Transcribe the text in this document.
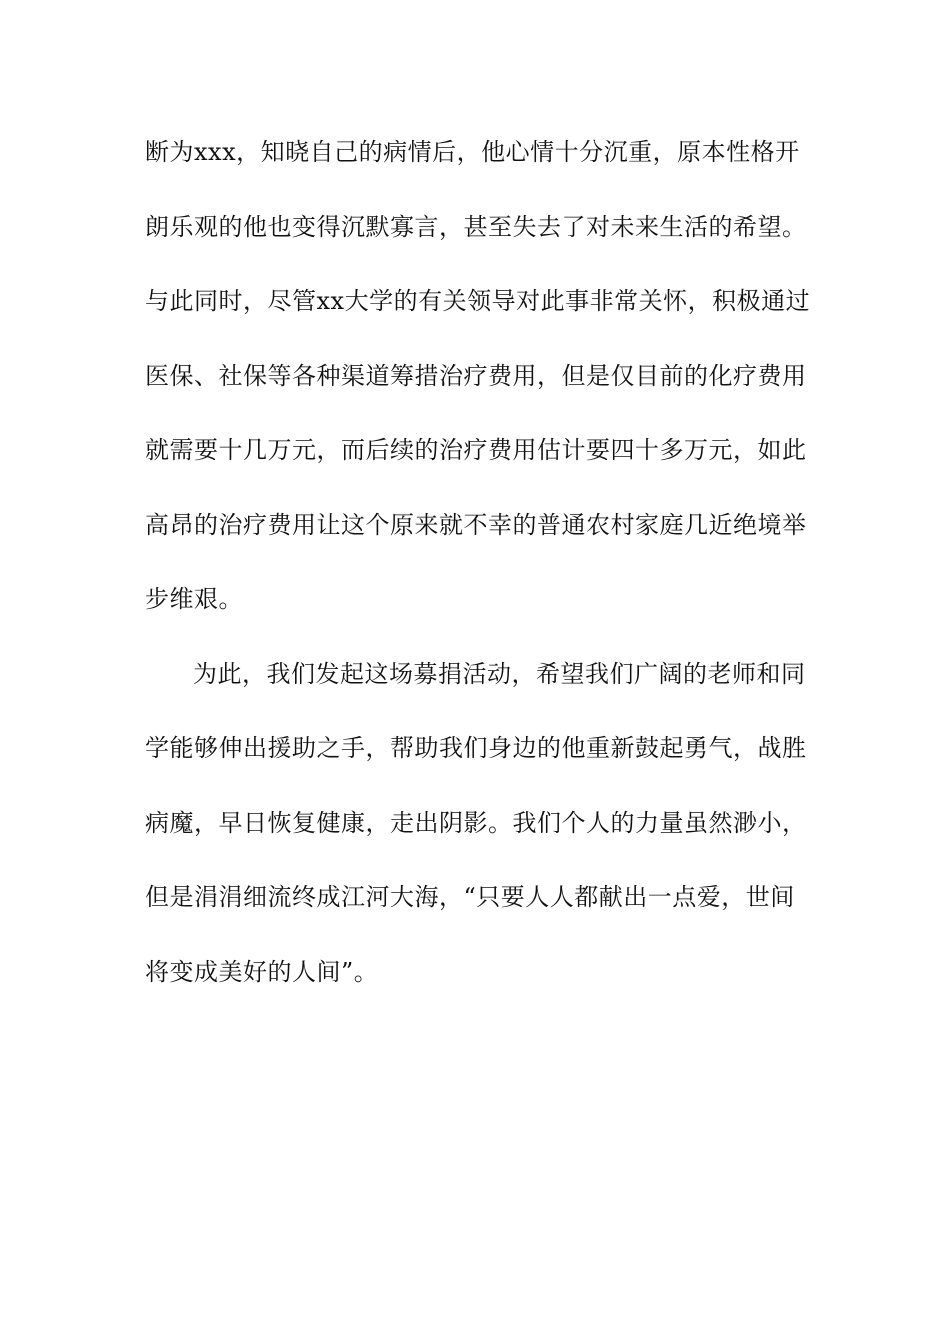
断为xxx，知晓自己的病情后，他心情十分沉重，原本性格开
朗乐观的他也变得沉默寡言，甚至失去了对未来生活的希望。
与此同时，尽管xx大学的有关领导对此事非常关怀，积极通过
医保、社保等各种渠道筹措治疗费用，但是仅目前的化疗费用
就需要十几万元，而后续的治疗费用估计要四十多万元，如此
高昂的治疗费用让这个原来就不幸的普通农村家庭几近绝境举
步维艰。
为此，我们发起这场募捐活动，希望我们广阔的老师和同
学能够伸出援助之手，帮助我们身边的他重新鼓起勇气，战胜
病魔，早日恢复健康，走出阴影。我们个人的力量虽然渺小，
但是涓涓细流终成江河大海，“只要人人都献出一点爱，世间
将变成美好的人间”。
